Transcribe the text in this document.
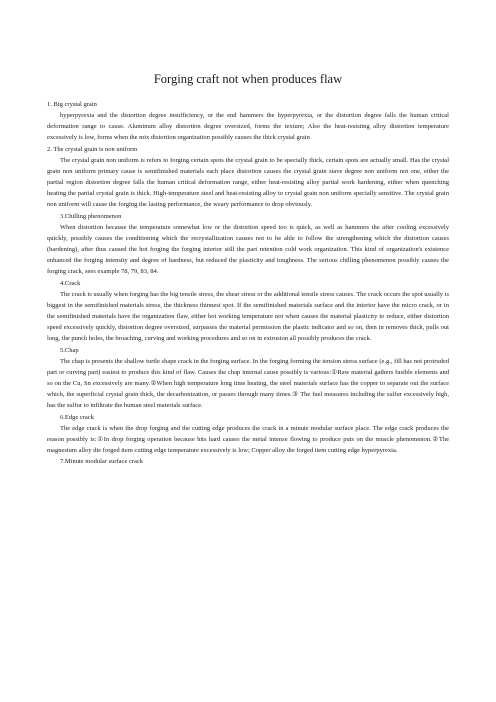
Forging craft not when produces flaw

1. Big crystal grain

hyperpyrexia and the distortion degree insufficiency, or the end hammers the hyperpyrexia, or the distortion degree falls the human critical deformation range to cause. Aluminum alloy distortion degree oversized, forms the texture; Also the heat-resisting alloy distortion temperature excessively is low, forms when the mix distortion organization possibly causes the thick crystal grain

2. The crystal grain is non uniform

The crystal grain non uniform is refers to forging certain spots the crystal grain to be specially thick, certain spots are actually small. Has the crystal grain non uniform primary cause is semifinished materials each place distortion causes the crystal grain stave degree non uniform not one, either the partial region distortion degree falls the human critical deformation range, either heat-resisting alloy partial work hardening, either when quenching heating the partial crystal grain is thick. High-temperature steel and heat-resisting alloy to crystal grain non uniform specially sensitive. The crystal grain non uniform will cause the forging the lasting performance, the weary performance to drop obviously.

3.Chilling phenomenon

When distortion because the temperature somewhat low or the distortion speed too is quick, as well as hammers the after cooling excessively quickly, possibly causes the conditioning which the recrystallization causes not to be able to follow the strengthening which the distortion causes (hardening), after thus caused the hot forging the forging interior still the part retention cold work organization. This kind of organization's existence enhanced the forging intensity and degree of hardness, but reduced the plasticity and toughness. The serious chilling phenomenon possibly causes the forging crack, sees example 78, 79, 83, 84.

4.Crack

The crack is usually when forging has the big tensile stress, the shear stress or the additional tensile stress causes. The crack occurs the spot usually is biggest in the semifinished materials stress, the thickness thinnest spot. If the semifinished materials surface and the interior have the micro crack, or in the semifinished materials have the organization flaw, either hot working temperature not when causes the material plasticity to reduce, either distortion speed excessively quickly, distortion degree oversized, surpasses the material permission the plastic indicator and so on, then in removes thick, pulls out long, the punch holes, the broaching, curving and working procedures and so on in extrusion all possibly produces the crack.

5.Chap

The chap is presents the shallow turtle shape crack in the forging surface. In the forging forming the tension stress surface (e.g., fill has not protruded part or curving part) easiest to produce this kind of flaw. Causes the chap internal cause possibly is various:①Raw material gathers fusible elements and so on the Cu, Sn excessively are many.②When high temperature long time heating, the steel materials surface has the copper to separate out the surface which, the superficial crystal grain thick, the decarbonization, or passes through many times.③ The fuel measures including the sulfur excessively high, has the sulfur to infiltrate the human steel materials surface.

6.Edge crack

The edge crack is when the drop forging and the cutting edge produces the crack in a minute modular surface place. The edge crack produces the reason possibly is:①In drop forging operation because hits hard causes the metal intense flowing to produce puts on the muscle phenomenon.②The magnesium alloy die forged item cutting edge temperature excessively is low; Copper alloy die forged item cutting edge hyperpyrexia.

7.Minute modular surface crack
